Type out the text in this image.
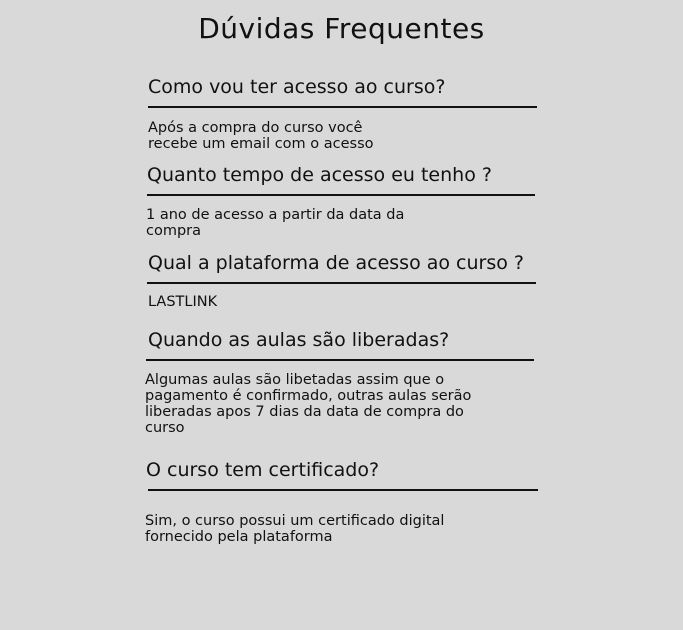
Dúvidas Frequentes

Como vou ter acesso ao curso?

Após a compra do curso você
recebe um email com o acesso

Quanto tempo de acesso eu tenho ?

1 ano de acesso a partir da data da
compra

Qual a plataforma de acesso ao curso ?

LASTLINK

Quando as aulas são liberadas?

Algumas aulas são libetadas assim que o
pagamento é confirmado, outras aulas serão
liberadas apos 7 dias da data de compra do
curso

O curso tem certificado?

Sim, o curso possui um certificado digital
fornecido pela plataforma
